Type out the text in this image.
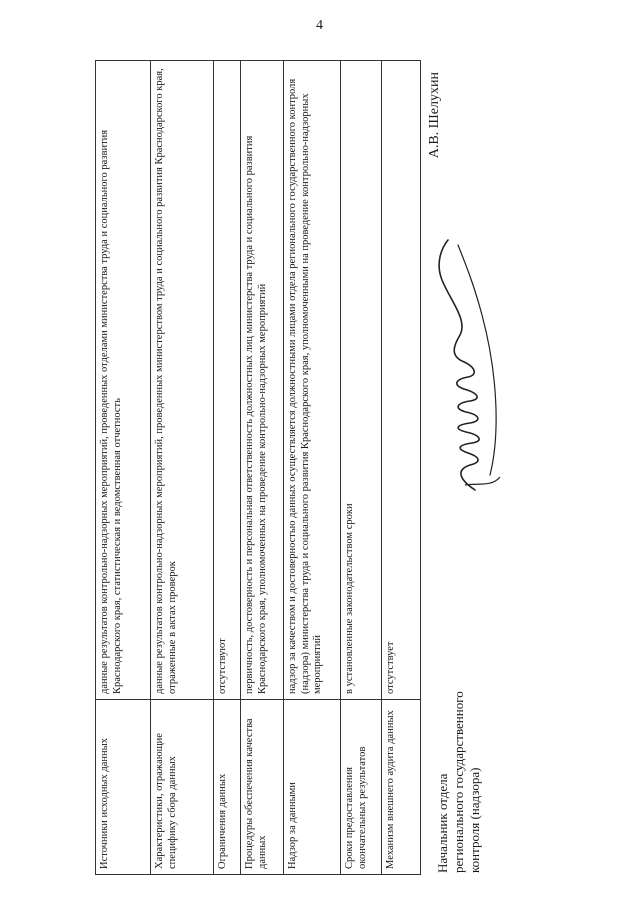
4
Источники исходных данных	данные результатов контрольно-надзорных мероприятий, проведенных отделами министерства труда и социального развития Краснодарского края, статистическая и ведомственная отчетность
Характеристики, отражающие специфику сбора данных	данные результатов контрольно-надзорных мероприятий, проведенных министерством труда и социального развития Краснодарского края, отраженные в актах проверок
Ограничения данных	отсутствуют
Процедуры обеспечения качества данных	первичность, достоверность и персональная ответственность должностных лиц министерства труда и социального развития Краснодарского края, уполномоченных на проведение контрольно-надзорных мероприятий
Надзор за данными	надзор за качеством и достоверностью данных осуществляется должностными лицами отдела регионального государственного контроля (надзора) министерства труда и социального развития Краснодарского края, уполномоченными на проведение контрольно-надзорных мероприятий
Сроки предоставления окончательных результатов	в установленные законодательством сроки
Механизм внешнего аудита данных	отсутствует
Начальник отдела регионального государственного контроля (надзора)
А.В. Шелухин
